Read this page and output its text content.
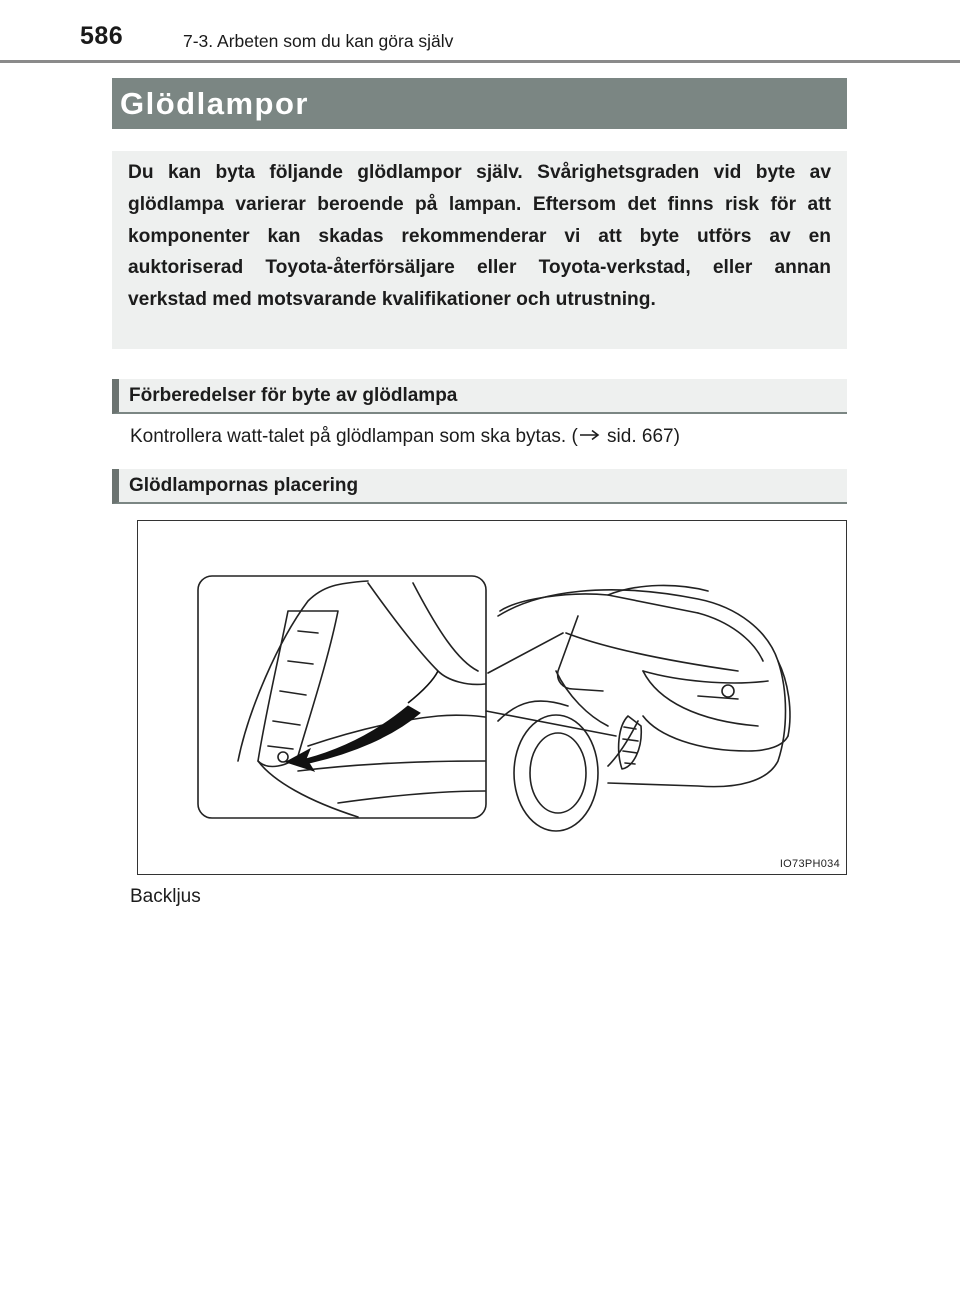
586	7-3. Arbeten som du kan göra själv
Glödlampor

Du kan byta följande glödlampor själv. Svårighetsgraden vid byte av glödlampa varierar beroende på lampan. Eftersom det finns risk för att komponenter kan skadas rekommenderar vi att byte utförs av en auktoriserad Toyota-återförsäljare eller Toyota-verkstad, eller annan verkstad med motsvarande kvalifikationer och utrustning.

Förberedelser för byte av glödlampa
Kontrollera watt-talet på glödlampan som ska bytas. ( sid. 667)
Glödlampornas placering
IO73PH034
Backljus
